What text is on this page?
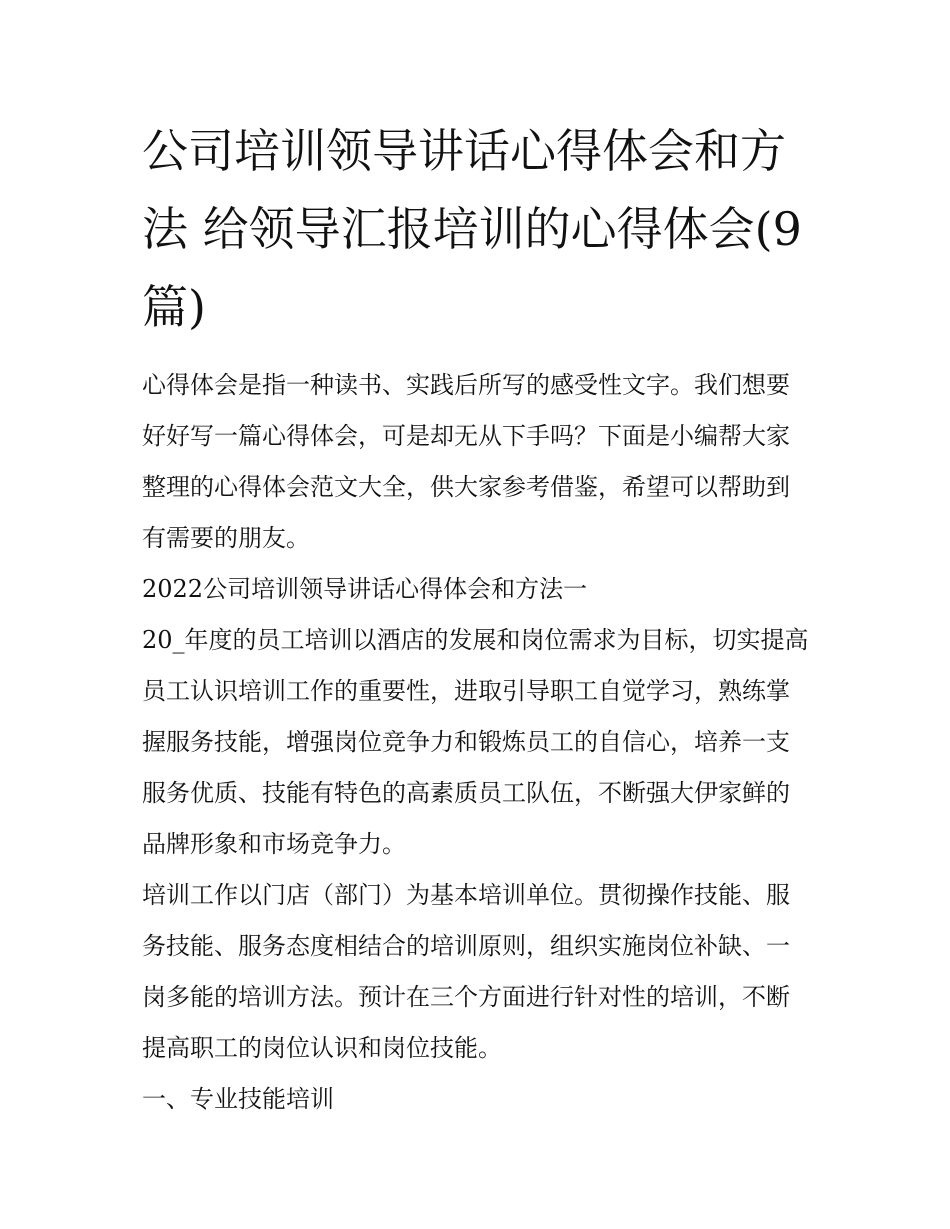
公司培训领导讲话心得体会和方法 给领导汇报培训的心得体会(9篇)

心得体会是指一种读书、实践后所写的感受性文字。我们想要好好写一篇心得体会，可是却无从下手吗？下面是小编帮大家整理的心得体会范文大全，供大家参考借鉴，希望可以帮助到有需要的朋友。

2022公司培训领导讲话心得体会和方法一

20_年度的员工培训以酒店的发展和岗位需求为目标，切实提高员工认识培训工作的重要性，进取引导职工自觉学习，熟练掌握服务技能，增强岗位竞争力和锻炼员工的自信心，培养一支服务优质、技能有特色的高素质员工队伍，不断强大伊家鲜的品牌形象和市场竞争力。

培训工作以门店（部门）为基本培训单位。贯彻操作技能、服务技能、服务态度相结合的培训原则，组织实施岗位补缺、一岗多能的培训方法。预计在三个方面进行针对性的培训，不断提高职工的岗位认识和岗位技能。

一、专业技能培训
